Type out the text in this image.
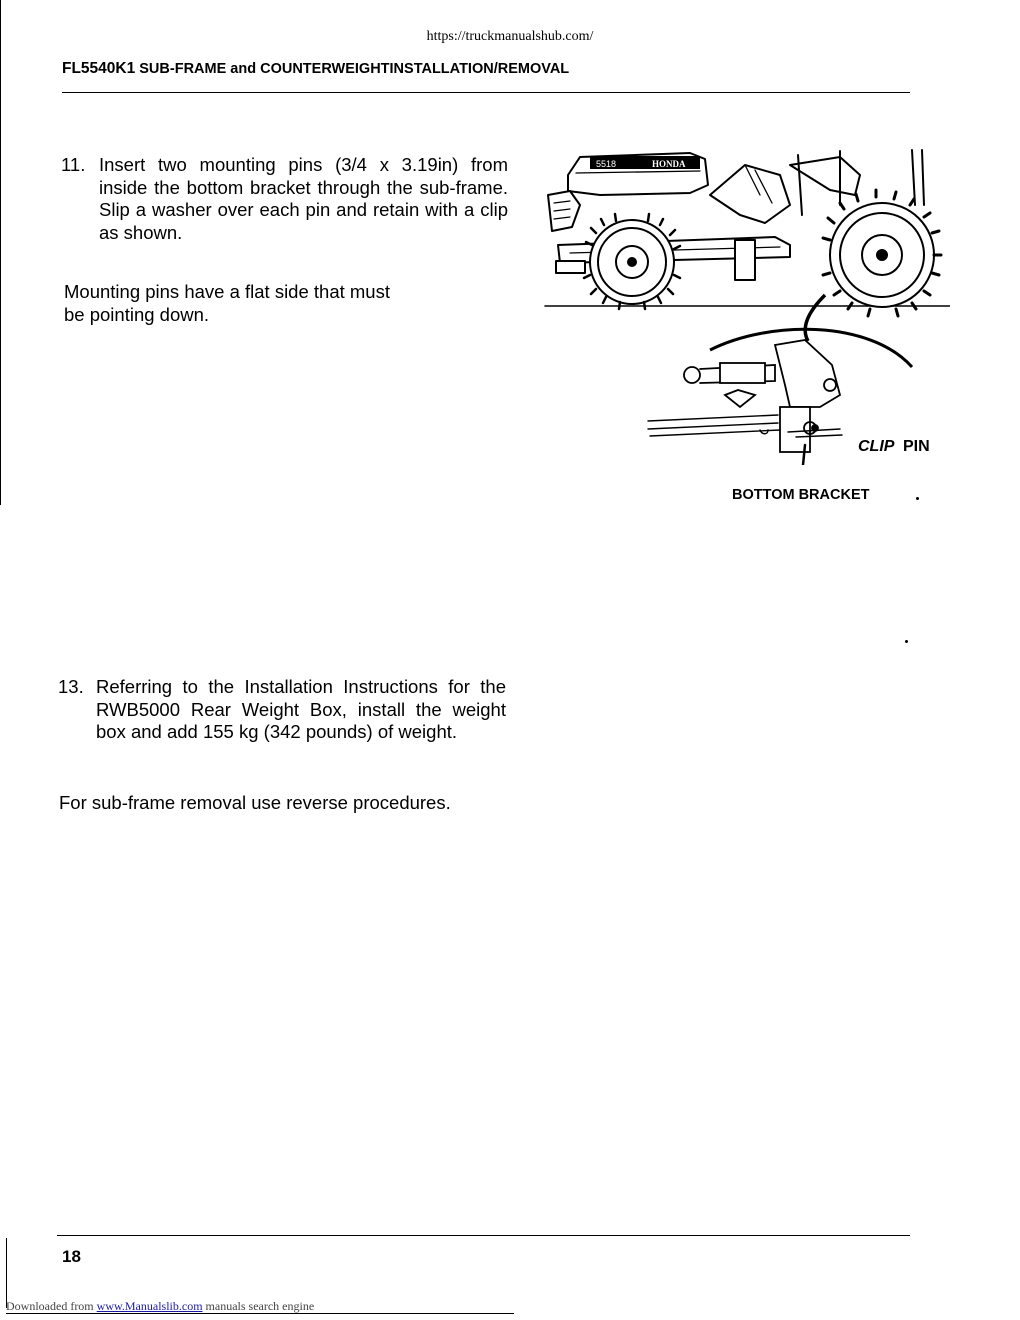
https://truckmanualshub.com/
FL5540K1 SUB-FRAME and COUNTERWEIGHTINSTALLATION/REMOVAL
11. Insert two mounting pins (3/4 x 3.19in) from inside the bottom bracket through the sub-frame. Slip a washer over each pin and retain with a clip as shown.
Mounting pins have a flat side that must
be pointing down.
5518	HONDA
CLIP PIN
BOTTOM BRACKET
13. Referring to the Installation Instructions for the RWB5000 Rear Weight Box, install the weight box and add 155 kg (342 pounds) of weight.
For sub-frame removal use reverse procedures.
18
Downloaded from www.Manualslib.com manuals search engine
